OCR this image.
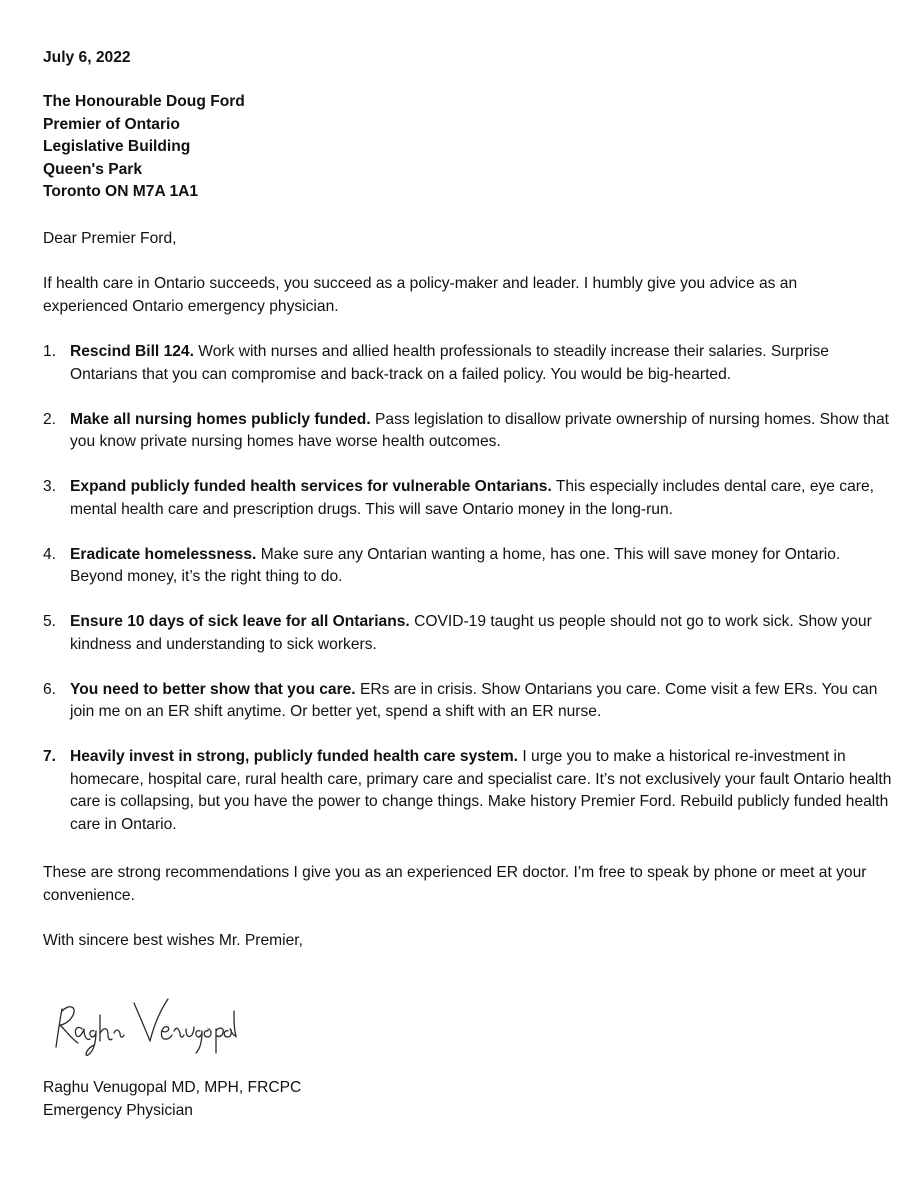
July 6, 2022
The Honourable Doug Ford
Premier of Ontario
Legislative Building
Queen's Park
Toronto ON M7A 1A1
Dear Premier Ford,
If health care in Ontario succeeds, you succeed as a policy-maker and leader. I humbly give you advice as an experienced Ontario emergency physician.
1. Rescind Bill 124. Work with nurses and allied health professionals to steadily increase their salaries. Surprise Ontarians that you can compromise and back-track on a failed policy. You would be big-hearted.
2. Make all nursing homes publicly funded. Pass legislation to disallow private ownership of nursing homes. Show that you know private nursing homes have worse health outcomes.
3. Expand publicly funded health services for vulnerable Ontarians. This especially includes dental care, eye care, mental health care and prescription drugs. This will save Ontario money in the long-run.
4. Eradicate homelessness. Make sure any Ontarian wanting a home, has one. This will save money for Ontario. Beyond money, it’s the right thing to do.
5. Ensure 10 days of sick leave for all Ontarians. COVID-19 taught us people should not go to work sick. Show your kindness and understanding to sick workers.
6. You need to better show that you care. ERs are in crisis. Show Ontarians you care. Come visit a few ERs. You can join me on an ER shift anytime. Or better yet, spend a shift with an ER nurse.
7. Heavily invest in strong, publicly funded health care system. I urge you to make a historical re-investment in homecare, hospital care, rural health care, primary care and specialist care. It’s not exclusively your fault Ontario health care is collapsing, but you have the power to change things. Make history Premier Ford. Rebuild publicly funded health care in Ontario.
These are strong recommendations I give you as an experienced ER doctor. I’m free to speak by phone or meet at your convenience.
With sincere best wishes Mr. Premier,
Raghu Venugopal MD, MPH, FRCPC
Emergency Physician
